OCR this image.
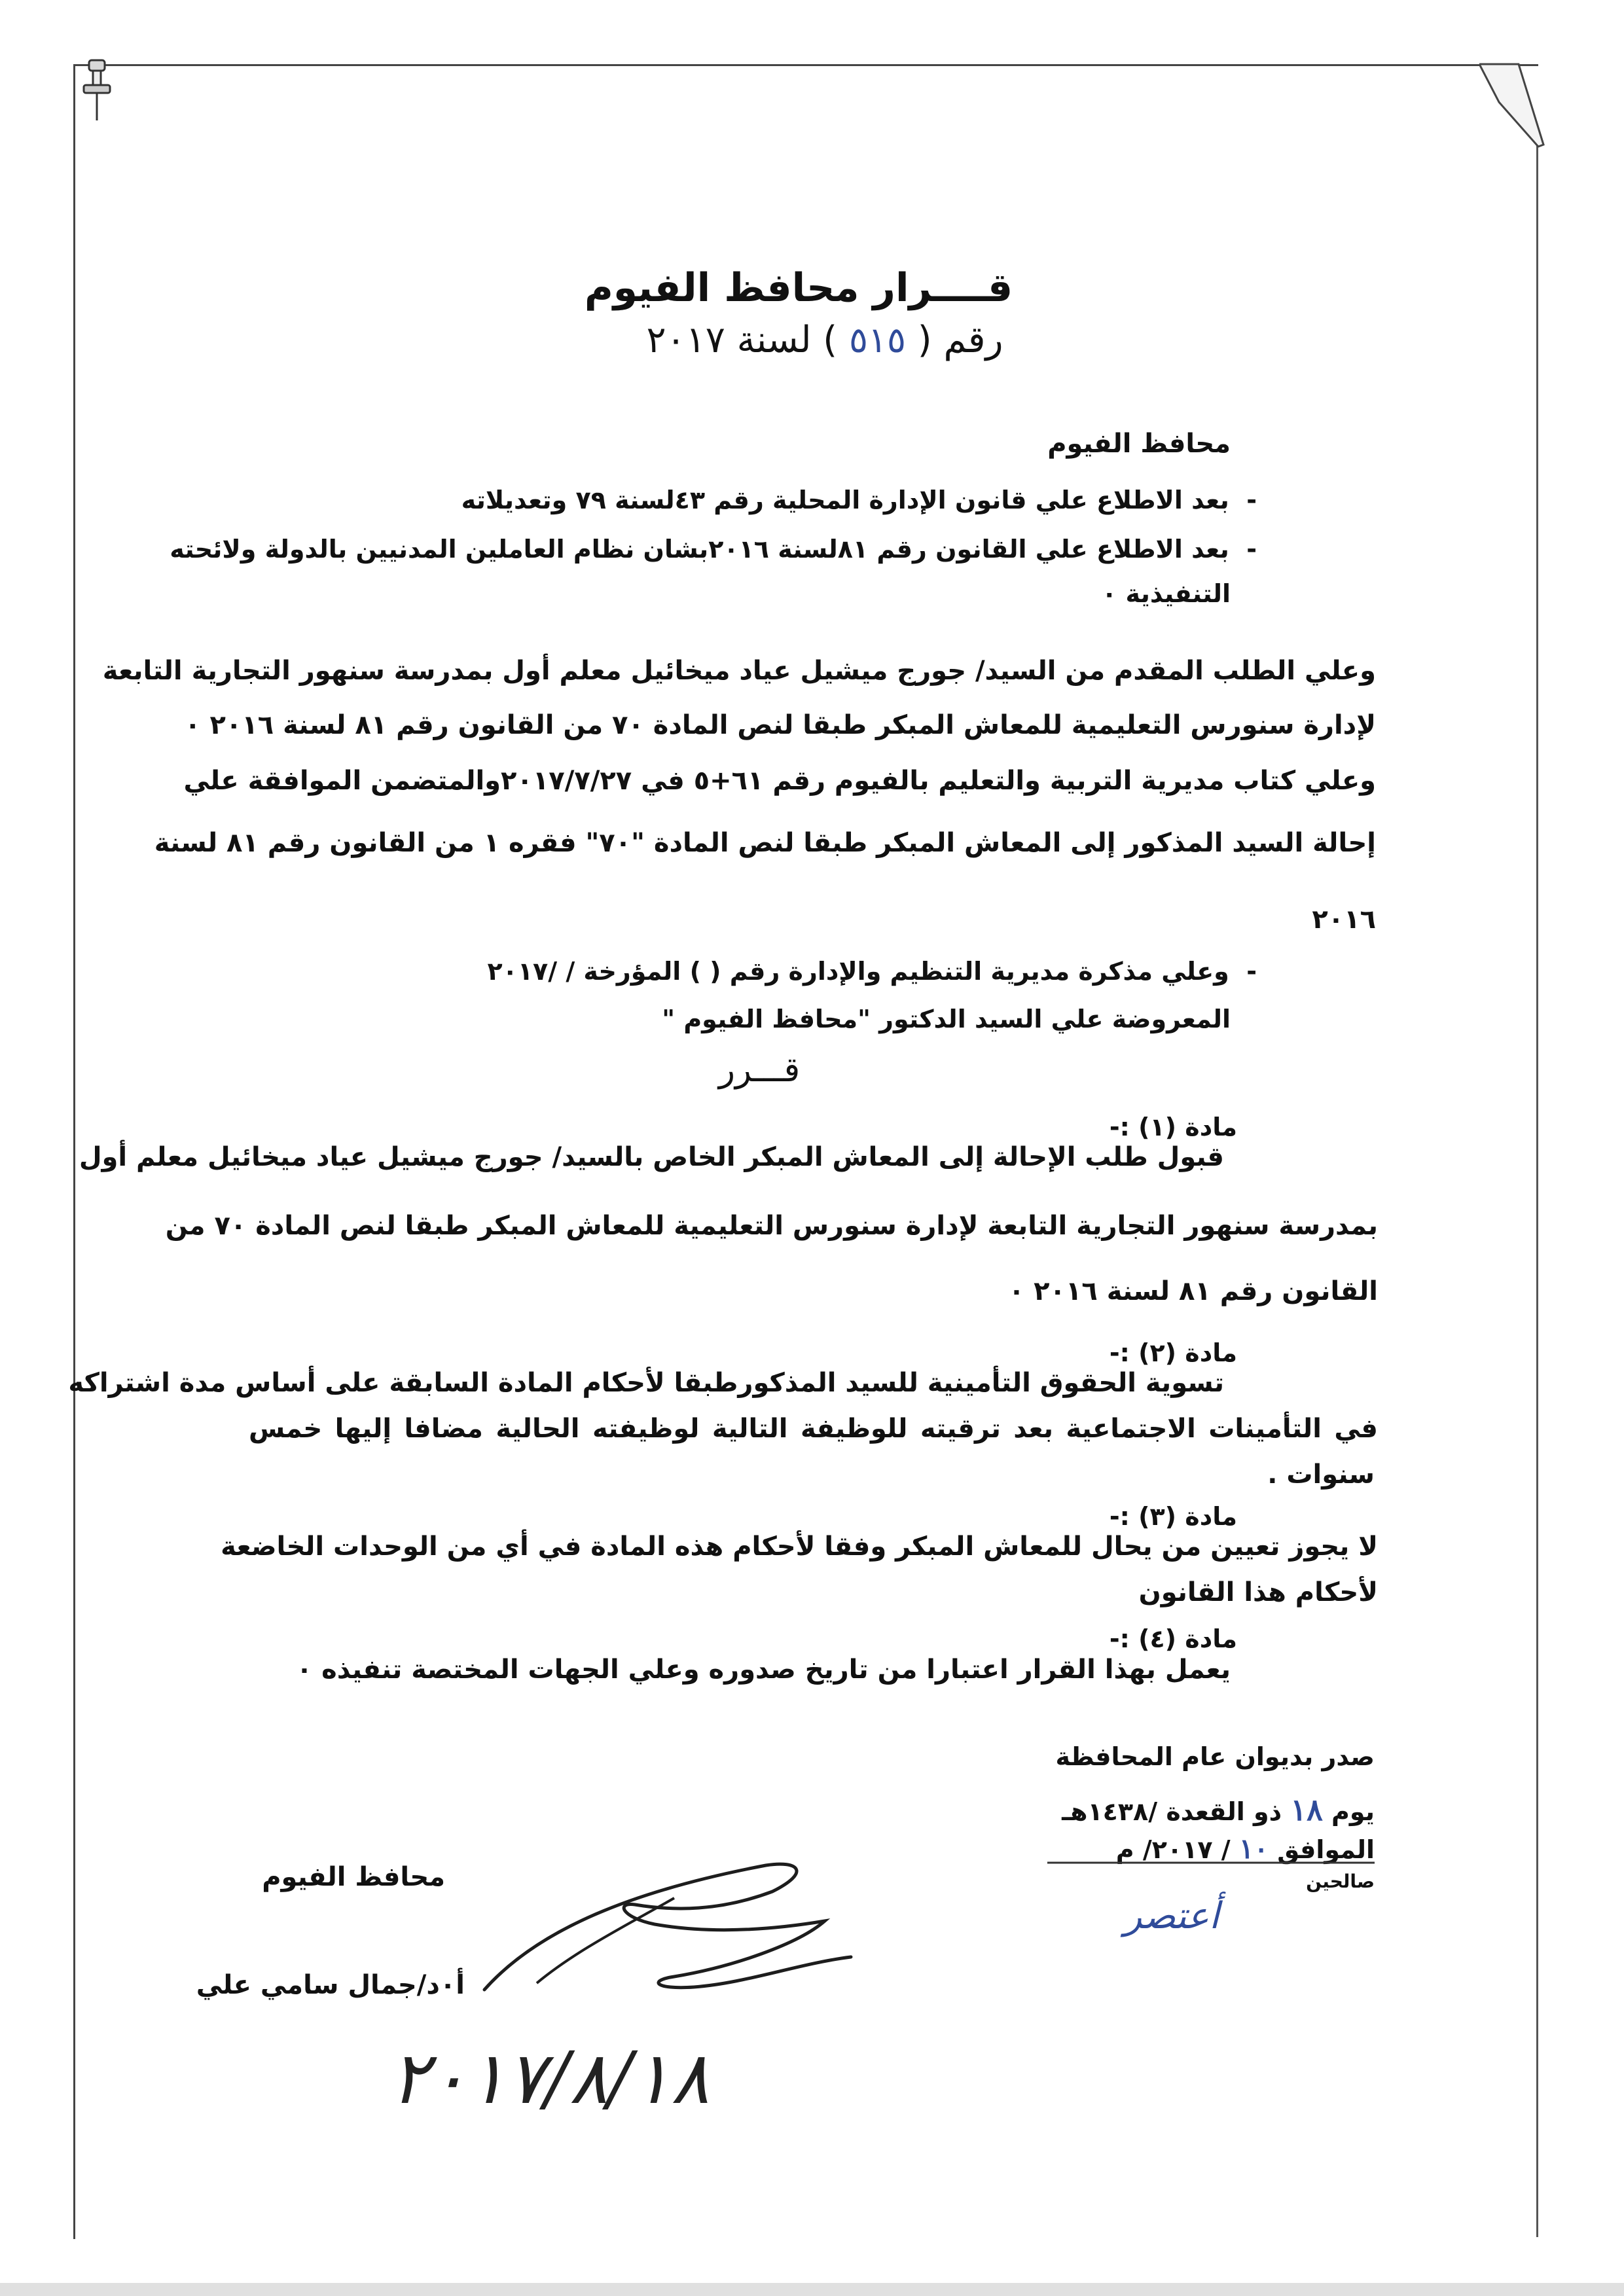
قــــرار محافظ الفيوم
رقم ( ٥١٥ ) لسنة ٢٠١٧
محافظ الفيوم
-  بعد الاطلاع علي قانون الإدارة المحلية رقم ٤٣لسنة ٧٩ وتعديلاته
-  بعد الاطلاع علي القانون رقم ٨١لسنة ٢٠١٦بشان نظام العاملين المدنيين بالدولة ولائحته
التنفيذية ٠
وعلي الطلب المقدم من السيد/ جورج ميشيل عياد ميخائيل معلم أول بمدرسة سنهور التجارية التابعة
لإدارة سنورس التعليمية للمعاش المبكر طبقا لنص المادة ٧٠ من القانون رقم ٨١ لسنة ٢٠١٦ ٠
وعلي كتاب مديرية التربية والتعليم بالفيوم رقم ٦١+٥ في ٢٠١٧/٧/٢٧والمتضمن الموافقة علي
إحالة السيد المذكور إلى المعاش المبكر طبقا لنص المادة "٧٠" فقره ١ من القانون رقم ٨١ لسنة
٢٠١٦
-  وعلي مذكرة مديرية التنظيم والإدارة رقم ( ) المؤرخة / /٢٠١٧
المعروضة علي السيد الدكتور "محافظ الفيوم "
قـــرر
مادة (١) :-
قبول طلب الإحالة إلى المعاش المبكر الخاص بالسيد/ جورج ميشيل عياد ميخائيل معلم أول
بمدرسة سنهور التجارية التابعة لإدارة سنورس التعليمية للمعاش المبكر طبقا لنص المادة ٧٠ من
القانون رقم ٨١ لسنة ٢٠١٦ ٠
مادة (٢) :-
تسوية الحقوق التأمينية للسيد المذكورطبقا لأحكام المادة السابقة على أساس مدة اشتراكه
في التأمينات الاجتماعية بعد ترقيته للوظيفة التالية لوظيفته الحالية مضافا إليها خمس
سنوات .
مادة (٣) :-
لا يجوز تعيين من يحال للمعاش المبكر وفقا لأحكام هذه المادة في أي من الوحدات الخاضعة
لأحكام هذا القانون
مادة (٤) :-
يعمل بهذا القرار اعتبارا من تاريخ صدوره وعلي الجهات المختصة تنفيذه ٠
صدر بديوان عام المحافظة
يوم ١٨ ذو القعدة /١٤٣٨هـ
الموافق ١٠ / ٢٠١٧/ م
صالحين
أعتصر
محافظ الفيوم
أ٠د/جمال سامي علي
٢٠١٧/٨/١٨
